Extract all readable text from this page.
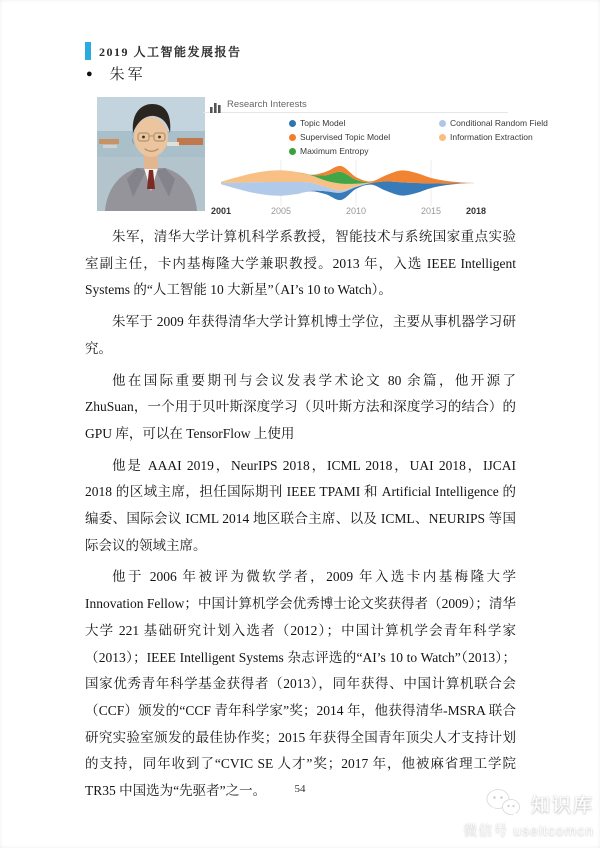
2019 人工智能发展报告
● 朱军
Research Interests
Topic Model
Supervised Topic Model
Maximum Entropy
Conditional Random Field
Information Extraction
2001	2005	2010	2015	2018

朱军，清华大学计算机科学系教授，智能技术与系统国家重点实验室副主任，卡内基梅隆大学兼职教授。2013 年，入选 IEEE Intelligent Systems 的“人工智能 10 大新星”（AI’s 10 to Watch）。

朱军于 2009 年获得清华大学计算机博士学位，主要从事机器学习研究。

他在国际重要期刊与会议发表学术论文 80 余篇，他开源了 ZhuSuan，一个用于贝叶斯深度学习（贝叶斯方法和深度学习的结合）的 GPU 库，可以在 TensorFlow 上使用

他是 AAAI 2019，NeurIPS 2018，ICML 2018，UAI 2018，IJCAI 2018 的区域主席，担任国际期刊 IEEE TPAMI 和 Artificial Intelligence 的编委、国际会议 ICML 2014 地区联合主席、以及 ICML、NEURIPS 等国际会议的领域主席。

他于 2006 年被评为微软学者，2009 年入选卡内基梅隆大学 Innovation Fellow；中国计算机学会优秀博士论文奖获得者（2009）；清华大学 221 基础研究计划入选者（2012）；中国计算机学会青年科学家（2013）；IEEE Intelligent Systems 杂志评选的“AI’s 10 to Watch”（2013）；国家优秀青年科学基金获得者（2013），同年获得、中国计算机联合会（CCF）颁发的“CCF 青年科学家”奖；2014 年，他获得清华-MSRA 联合研究实验室颁发的最佳协作奖；2015 年获得全国青年顶尖人才支持计划的支持，同年收到了“CVIC SE 人才”奖；2017 年，他被麻省理工学院 TR35 中国选为“先驱者”之一。	54
知识库
微信号 useitcomcn
